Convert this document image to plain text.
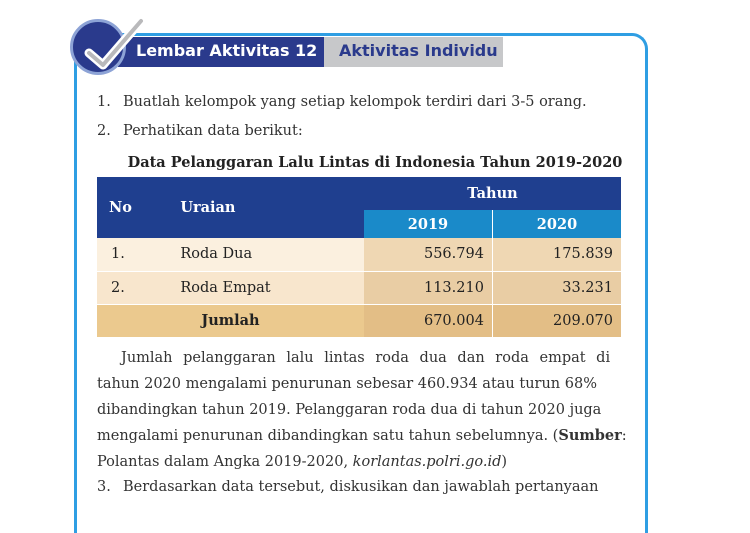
Lembar Aktivitas 12 Aktivitas Individu
1. Buatlah kelompok yang setiap kelompok terdiri dari 3-5 orang.
2. Perhatikan data berikut:
Data Pelanggaran Lalu Lintas di Indonesia Tahun 2019-2020
No	Uraian	Tahun	
		2019	2020
1.	Roda Dua	556.794	175.839
2.	Roda Empat	113.210	33.231
Jumlah		670.004	209.070
Jumlah pelanggaran lalu lintas roda dua dan roda empat di
tahun 2020 mengalami penurunan sebesar 460.934 atau turun 68%
dibandingkan tahun 2019. Pelanggaran roda dua di tahun 2020 juga
mengalami penurunan dibandingkan satu tahun sebelumnya. (Sumber:
Polantas dalam Angka 2019-2020, korlantas.polri.go.id)
3. Berdasarkan data tersebut, diskusikan dan jawablah pertanyaan
